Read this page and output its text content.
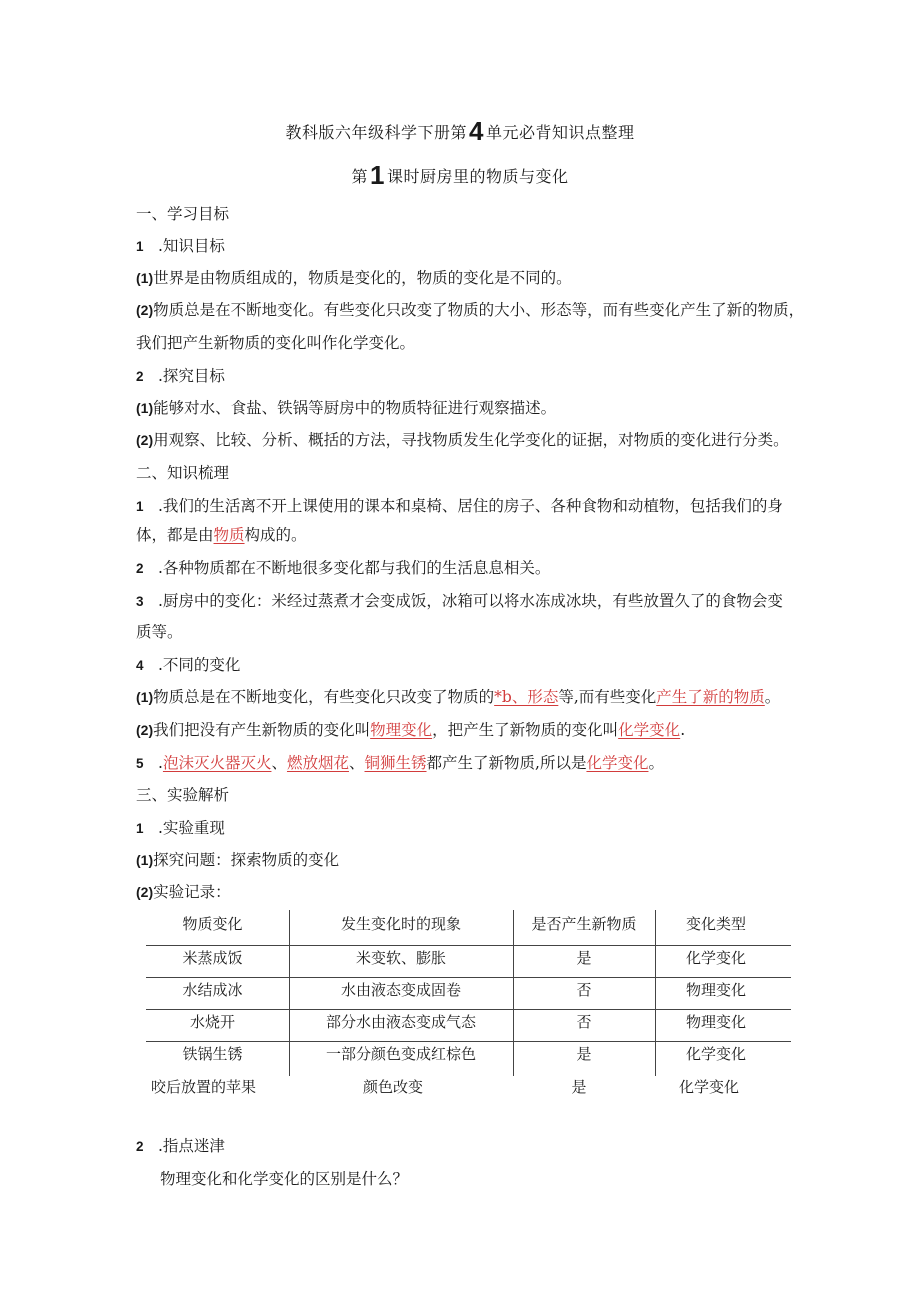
教科版六年级科学下册第4 单元必背知识点整理
第1 课时厨房里的物质与变化
一、学习目标
1 .知识目标
(1)世界是由物质组成的，物质是变化的，物质的变化是不同的。
(2)物质总是在不断地变化。有些变化只改变了物质的大小、形态等，而有些变化产生了新的物质，
我们把产生新物质的变化叫作化学变化。
2 .探究目标
(1)能够对水、食盐、铁锅等厨房中的物质特征进行观察描述。
(2)用观察、比较、分析、概括的方法，寻找物质发生化学变化的证据，对物质的变化进行分类。
二、知识梳理
1 .我们的生活离不开上课使用的课本和桌椅、居住的房子、各种食物和动植物，包括我们的身
体，都是由物质构成的。
2 .各种物质都在不断地很多变化都与我们的生活息息相关。
3 .厨房中的变化：米经过蒸煮才会变成饭，冰箱可以将水冻成冰块，有些放置久了的食物会变
质等。
4 .不同的变化
(1)物质总是在不断地变化，有些变化只改变了物质的*b、形态等,而有些变化产生了新的物质。
(2)我们把没有产生新物质的变化叫物理变化，把产生了新物质的变化叫化学变化.
5 .泡沫灭火器灭火、燃放烟花、铜狮生锈都产生了新物质,所以是化学变化。
三、实验解析
1 .实验重现
(1)探究问题：探索物质的变化
(2)实验记录：
物质变化	发生变化时的现象	是否产生新物质	变化类型
米蒸成饭	米变软、膨胀	是	化学变化
水结成冰	水由液态变成固卷	否	物理变化
水烧开	部分水由液态变成气态	否	物理变化
铁锅生锈	一部分颜色变成红棕色	是	化学变化
咬后放置的苹果	颜色改变	是	化学变化
2 .指点迷津
物理变化和化学变化的区别是什么？
